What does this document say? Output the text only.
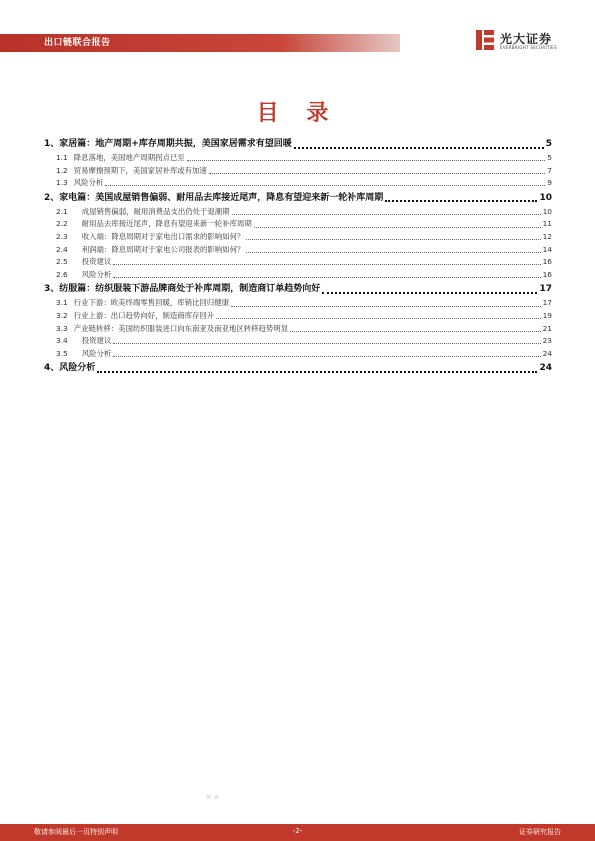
出口链联合报告	光大证券
EVERBRIGHT SECURITIES
目 录
1、 家居篇：地产周期+库存周期共振，美国家居需求有望回暖	5
1.1 降息落地，美国地产周期拐点已至	5
1.2 贸易摩擦预期下，美国家居补库或有加速	7
1.3 风险分析	9
2、 家电篇：美国成屋销售偏弱、耐用品去库接近尾声，降息有望迎来新一轮补库周期	10
2.1 成屋销售偏弱，耐用消费品支出仍处于退潮期	10
2.2 耐用品去库接近尾声，降息有望迎来新一轮补库周期	11
2.3 收入端：降息周期对于家电出口需求的影响如何？	12
2.4 利润端：降息周期对于家电公司报表的影响如何？	14
2.5 投资建议	16
2.6 风险分析	16
3、 纺服篇：纺织服装下游品牌商处于补库周期，制造商订单趋势向好	17
3.1 行业下游：欧美终端零售回暖，库销比回归健康	17
3.2 行业上游：出口趋势向好，制造商库存回升	19
3.3 产业链转移：美国纺织服装进口向东南亚及南亚地区转移趋势明显	21
3.4 投资建议	23
3.5 风险分析	24
4、 风险分析	24
▪ ▪
敬请参阅最后一页特别声明	-2-	证券研究报告
